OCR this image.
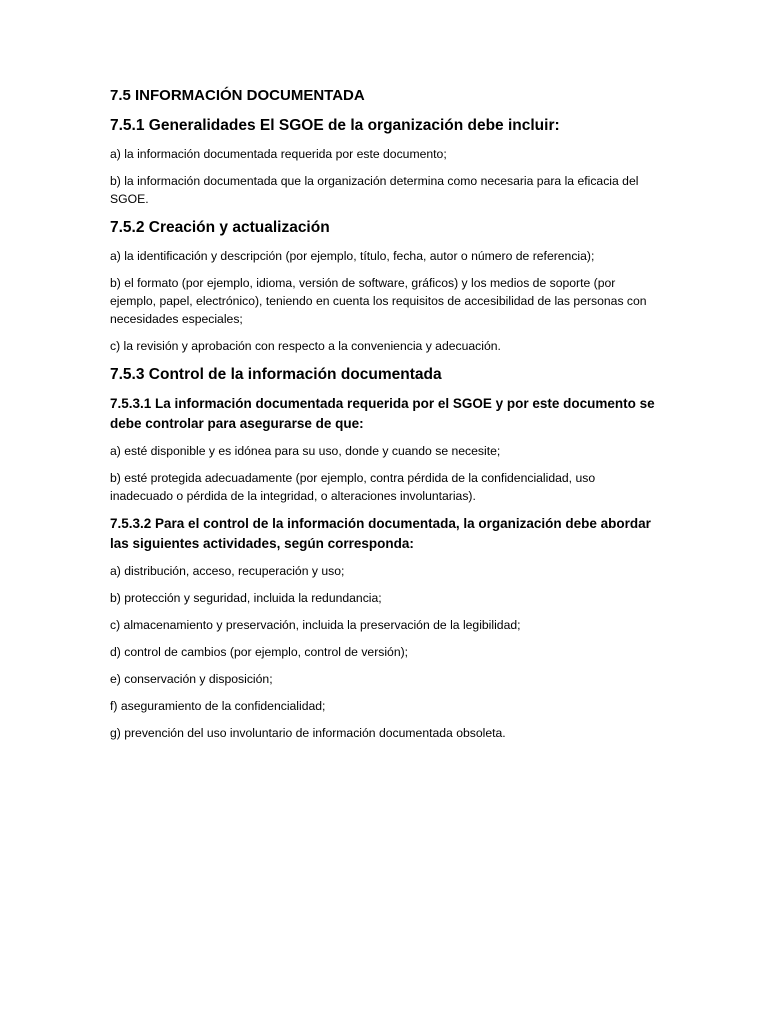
7.5 INFORMACIÓN DOCUMENTADA
7.5.1 Generalidades El SGOE de la organización debe incluir:

a) la información documentada requerida por este documento;

b) la información documentada que la organización determina como necesaria para la eficacia del SGOE.

7.5.2 Creación y actualización

a) la identificación y descripción (por ejemplo, título, fecha, autor o número de referencia);

b) el formato (por ejemplo, idioma, versión de software, gráficos) y los medios de soporte (por ejemplo, papel, electrónico), teniendo en cuenta los requisitos de accesibilidad de las personas con necesidades especiales;

c) la revisión y aprobación con respecto a la conveniencia y adecuación.

7.5.3 Control de la información documentada
7.5.3.1 La información documentada requerida por el SGOE y por este documento se debe controlar para asegurarse de que:

a) esté disponible y es idónea para su uso, donde y cuando se necesite;

b) esté protegida adecuadamente (por ejemplo, contra pérdida de la confidencialidad, uso inadecuado o pérdida de la integridad, o alteraciones involuntarias).

7.5.3.2 Para el control de la información documentada, la organización debe abordar las siguientes actividades, según corresponda:

a) distribución, acceso, recuperación y uso;

b) protección y seguridad, incluida la redundancia;

c) almacenamiento y preservación, incluida la preservación de la legibilidad;

d) control de cambios (por ejemplo, control de versión);

e) conservación y disposición;

f) aseguramiento de la confidencialidad;

g) prevención del uso involuntario de información documentada obsoleta.
